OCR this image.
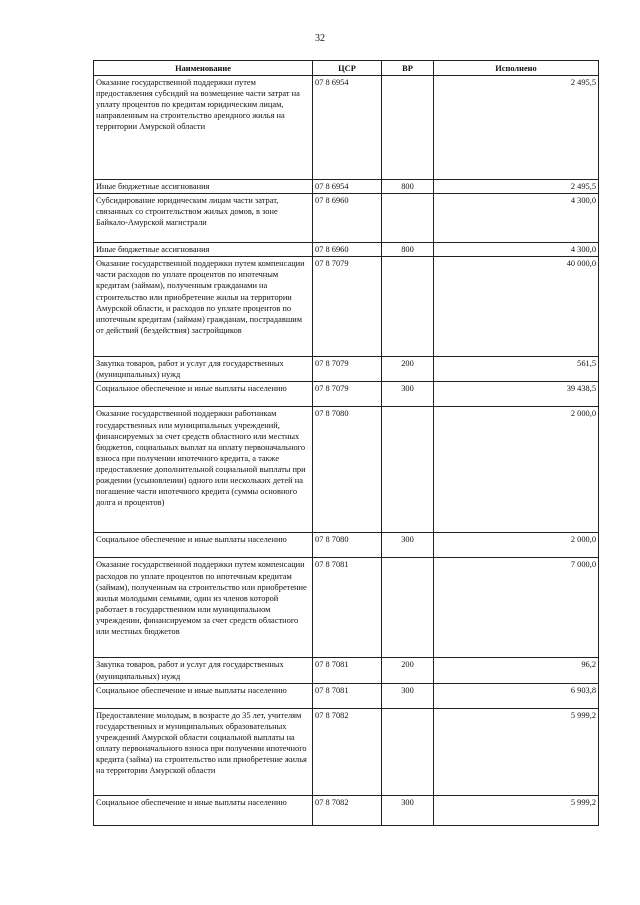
32
Наименование	ЦСР	ВР	Исполнено
Оказание государственной поддержки путем предоставления субсидий на возмещение части затрат на уплату процентов по кредитам юридическим лицам, направленным на строительство арендного жилья на территории Амурской области	07 8 6954		2 495,5
Иные бюджетные ассигнования	07 8 6954	800	2 495,5
Субсидирование юридическим лицам части затрат, связанных со строительством жилых домов, в зоне Байкало-Амурской магистрали	07 8 6960		4 300,0
Иные бюджетные ассигнования	07 8 6960	800	4 300,0
Оказание государственной поддержки путем компенсации части расходов по уплате процентов по ипотечным кредитам (займам), полученным гражданами на строительство или приобретение жилья на территории Амурской области, и расходов по уплате процентов по ипотечным кредитам (займам) гражданам, пострадавшим от действий (бездействия) застройщиков	07 8 7079		40 000,0
Закупка товаров, работ и услуг для государственных (муниципальных) нужд	07 8 7079	200	561,5
Социальное обеспечение и иные выплаты населению	07 8 7079	300	39 438,5
Оказание государственной поддержки работникам государственных или муниципальных учреждений, финансируемых за счет средств областного или местных бюджетов, социальных выплат на оплату первоначального взноса при получении ипотечного кредита, а также предоставление дополнительной социальной выплаты при рождении (усыновлении) одного или нескольких детей на погашение части ипотечного кредита (суммы основного долга и процентов)	07 8 7080		2 000,0
Социальное обеспечение и иные выплаты населению	07 8 7080	300	2 000,0
Оказание государственной поддержки путем компенсации расходов по уплате процентов по ипотечным кредитам (займам), полученным на строительство или приобретение жилья молодыми семьями, один из членов которой работает в государственном или муниципальном учреждении, финансируемом за счет средств областного или местных бюджетов	07 8 7081		7 000,0
Закупка товаров, работ и услуг для государственных (муниципальных) нужд	07 8 7081	200	96,2
Социальное обеспечение и иные выплаты населению	07 8 7081	300	6 903,8
Предоставление молодым, в возрасте до 35 лет, учителям государственных и муниципальных образовательных учреждений Амурской области социальной выплаты на оплату первоначального взноса при получении ипотечного кредита (займа) на строительство или приобретение жилья на территории Амурской области	07 8 7082		5 999,2
Социальное обеспечение и иные выплаты населению	07 8 7082	300	5 999,2
